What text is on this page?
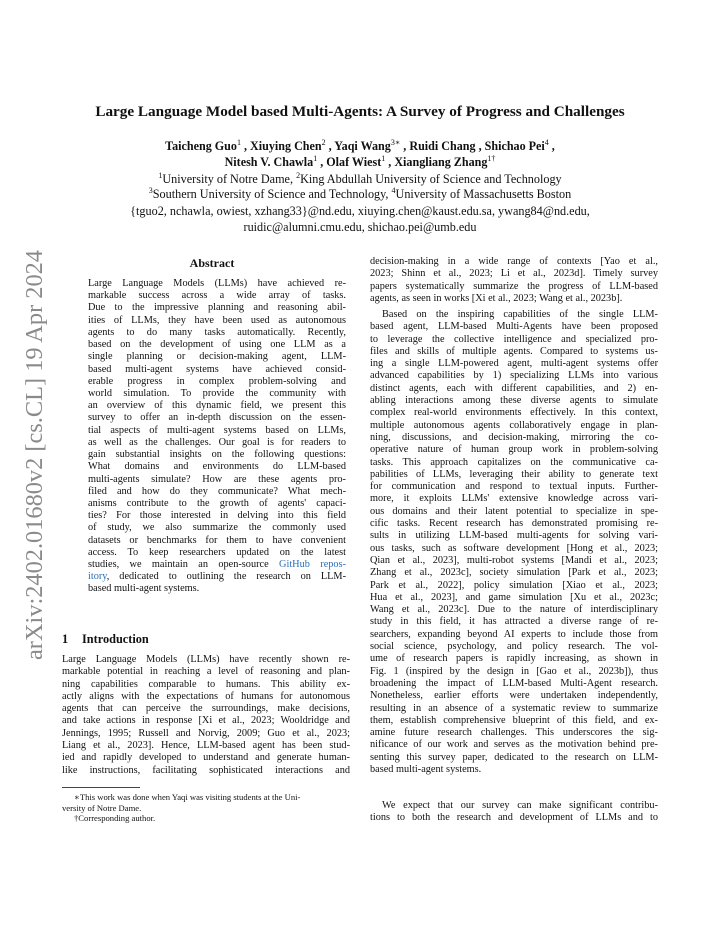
arXiv:2402.01680v2 [cs.CL] 19 Apr 2024
Large Language Model based Multi-Agents: A Survey of Progress and Challenges
Taicheng Guo$^1$ , Xiuying Chen$^2$ , Yaqi Wang$^{3∗}$ , Ruidi Chang , Shichao Pei$^4$ ,
Nitesh V. Chawla$^1$ , Olaf Wiest$^1$ , Xiangliang Zhang$^{1\dagger}$
$^1$University of Notre Dame, $^2$King Abdullah University of Science and Technology
$^3$Southern University of Science and Technology, $^4$University of Massachusetts Boston
{tguo2, nchawla, owiest, xzhang33}@nd.edu, xiuying.chen@kaust.edu.sa, ywang84@nd.edu,
ruidic@alumni.cmu.edu, shichao.pei@umb.edu
Abstract
Large Language Models (LLMs) have achieved re-
markable success across a wide array of tasks.
Due to the impressive planning and reasoning abil-
ities of LLMs, they have been used as autonomous
agents to do many tasks automatically. Recently,
based on the development of using one LLM as a
single planning or decision-making agent, LLM-
based multi-agent systems have achieved consid-
erable progress in complex problem-solving and
world simulation. To provide the community with
an overview of this dynamic field, we present this
survey to offer an in-depth discussion on the essen-
tial aspects of multi-agent systems based on LLMs,
as well as the challenges. Our goal is for readers to
gain substantial insights on the following questions:
What domains and environments do LLM-based
multi-agents simulate? How are these agents pro-
filed and how do they communicate? What mech-
anisms contribute to the growth of agents' capaci-
ties? For those interested in delving into this field
of study, we also summarize the commonly used
datasets or benchmarks for them to have convenient
access. To keep researchers updated on the latest
studies, we maintain an open-source GitHub repos-
itory, dedicated to outlining the research on LLM-
based multi-agent systems.
1 Introduction
Large Language Models (LLMs) have recently shown re-
markable potential in reaching a level of reasoning and plan-
ning capabilities comparable to humans. This ability ex-
actly aligns with the expectations of humans for autonomous
agents that can perceive the surroundings, make decisions,
and take actions in response [Xi et al., 2023; Wooldridge and
Jennings, 1995; Russell and Norvig, 2009; Guo et al., 2023;
Liang et al., 2023]. Hence, LLM-based agent has been stud-
ied and rapidly developed to understand and generate human-
like instructions, facilitating sophisticated interactions and
∗This work was done when Yaqi was visiting students at the Uni-
versity of Notre Dame.
†Corresponding author.
decision-making in a wide range of contexts [Yao et al.,
2023; Shinn et al., 2023; Li et al., 2023d]. Timely survey
papers systematically summarize the progress of LLM-based
agents, as seen in works [Xi et al., 2023; Wang et al., 2023b].
Based on the inspiring capabilities of the single LLM-
based agent, LLM-based Multi-Agents have been proposed
to leverage the collective intelligence and specialized pro-
files and skills of multiple agents. Compared to systems us-
ing a single LLM-powered agent, multi-agent systems offer
advanced capabilities by 1) specializing LLMs into various
distinct agents, each with different capabilities, and 2) en-
abling interactions among these diverse agents to simulate
complex real-world environments effectively. In this context,
multiple autonomous agents collaboratively engage in plan-
ning, discussions, and decision-making, mirroring the co-
operative nature of human group work in problem-solving
tasks. This approach capitalizes on the communicative ca-
pabilities of LLMs, leveraging their ability to generate text
for communication and respond to textual inputs. Further-
more, it exploits LLMs' extensive knowledge across vari-
ous domains and their latent potential to specialize in spe-
cific tasks. Recent research has demonstrated promising re-
sults in utilizing LLM-based multi-agents for solving vari-
ous tasks, such as software development [Hong et al., 2023;
Qian et al., 2023], multi-robot systems [Mandi et al., 2023;
Zhang et al., 2023c], society simulation [Park et al., 2023;
Park et al., 2022], policy simulation [Xiao et al., 2023;
Hua et al., 2023], and game simulation [Xu et al., 2023c;
Wang et al., 2023c]. Due to the nature of interdisciplinary
study in this field, it has attracted a diverse range of re-
searchers, expanding beyond AI experts to include those from
social science, psychology, and policy research. The vol-
ume of research papers is rapidly increasing, as shown in
Fig. 1 (inspired by the design in [Gao et al., 2023b]), thus
broadening the impact of LLM-based Multi-Agent research.
Nonetheless, earlier efforts were undertaken independently,
resulting in an absence of a systematic review to summarize
them, establish comprehensive blueprint of this field, and ex-
amine future research challenges. This underscores the sig-
nificance of our work and serves as the motivation behind pre-
senting this survey paper, dedicated to the research on LLM-
based multi-agent systems.
We expect that our survey can make significant contribu-
tions to both the research and development of LLMs and to
